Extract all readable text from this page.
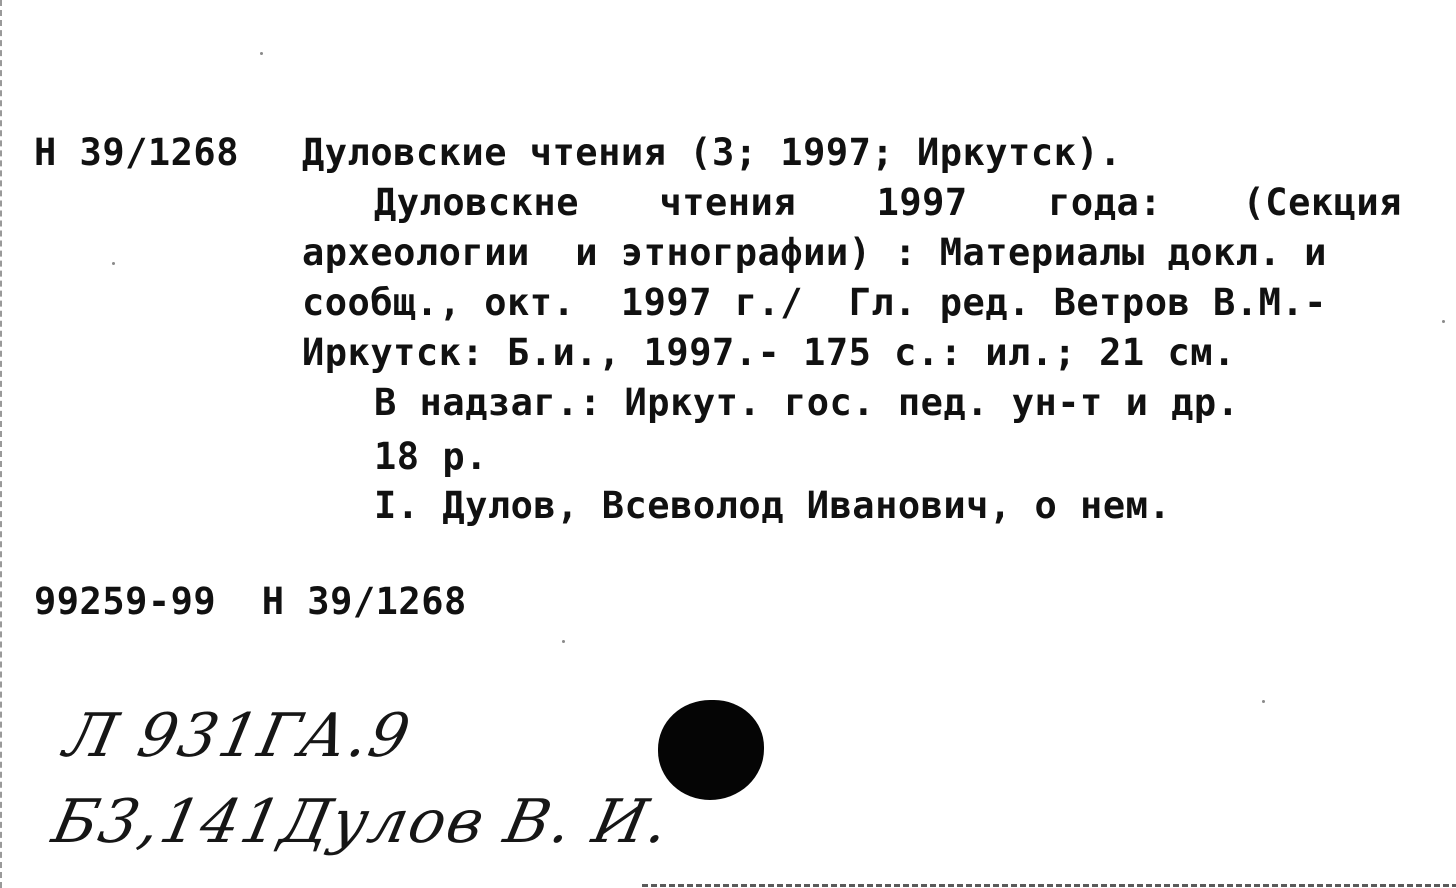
Н 39/1268 Дуловские чтения (3; 1997; Иркутск).
Дуловскне чтения 1997 года: (Секция
археологии  и этнографии) : Материалы докл. и
сообщ., окт.  1997 г./  Гл. ред. Ветров В.М.-
Иркутск: Б.и., 1997.- 175 с.: ил.; 21 см.
В надзаг.: Иркут. гос. пед. ун-т и др.
18 р.
I. Дулов, Всеволод Иванович, о нем.
99259-99  Н 39/1268
Л 931ГА.9
Б3,141Дулов В. И.
